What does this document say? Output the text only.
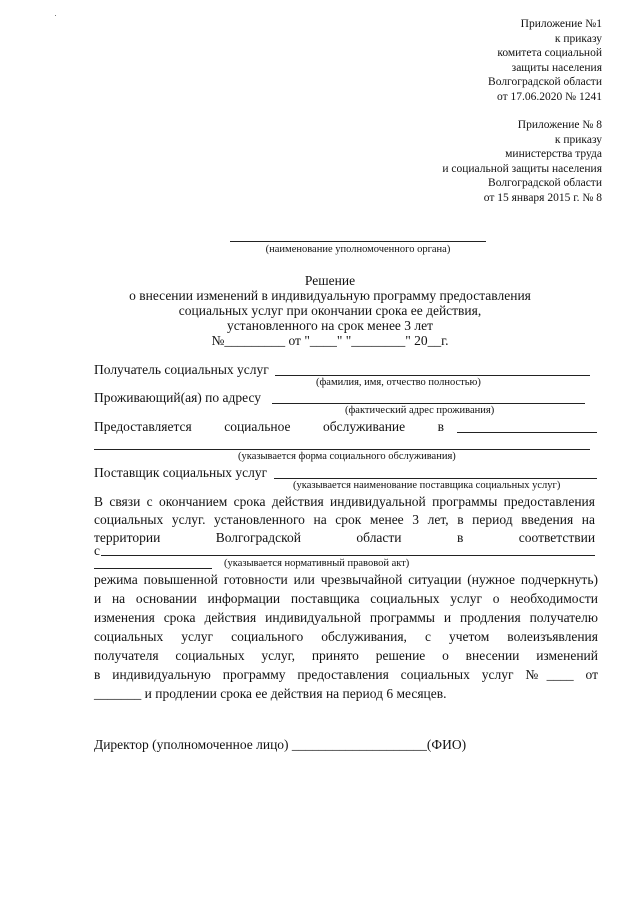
Приложение №1
к приказу
комитета социальной
защиты населения
Волгоградской области
от 17.06.2020 № 1241
Приложение № 8
к приказу
министерства труда
и социальной защиты населения
Волгоградской области
от 15 января 2015 г. № 8
(наименование уполномоченного органа)
Решение
о внесении изменений в индивидуальную программу предоставления
социальных услуг при окончании срока ее действия,
установленного на срок менее 3 лет
№_________ от "____" "________" 20__г.
Получатель социальных услуг
(фамилия, имя, отчество полностью)
Проживающий(ая) по адресу
(фактический адрес проживания)
Предоставляется социальное обслуживание в
(указывается форма социального обслуживания)
Поставщик социальных услуг
(указывается наименование поставщика социальных услуг)
В связи с окончанием срока действия индивидуальной программы предоставления
социальных услуг. установленного на срок менее 3 лет, в период введения на
территории	Волгоградской	области	в	соответствии
с
(указывается нормативный правовой акт)
режима повышенной готовности или чрезвычайной ситуации (нужное подчеркнуть)
и на основании информации поставщика социальных услуг о необходимости
изменения срока действия индивидуальной программы и продления получателю
социальных услуг социального обслуживания, с учетом волеизъявления
получателя социальных услуг, принято решение о внесении изменений
в индивидуальную программу предоставления социальных услуг №____ от
_______ и продлении срока ее действия на период 6 месяцев.
Директор (уполномоченное лицо) ____________________(ФИО)
